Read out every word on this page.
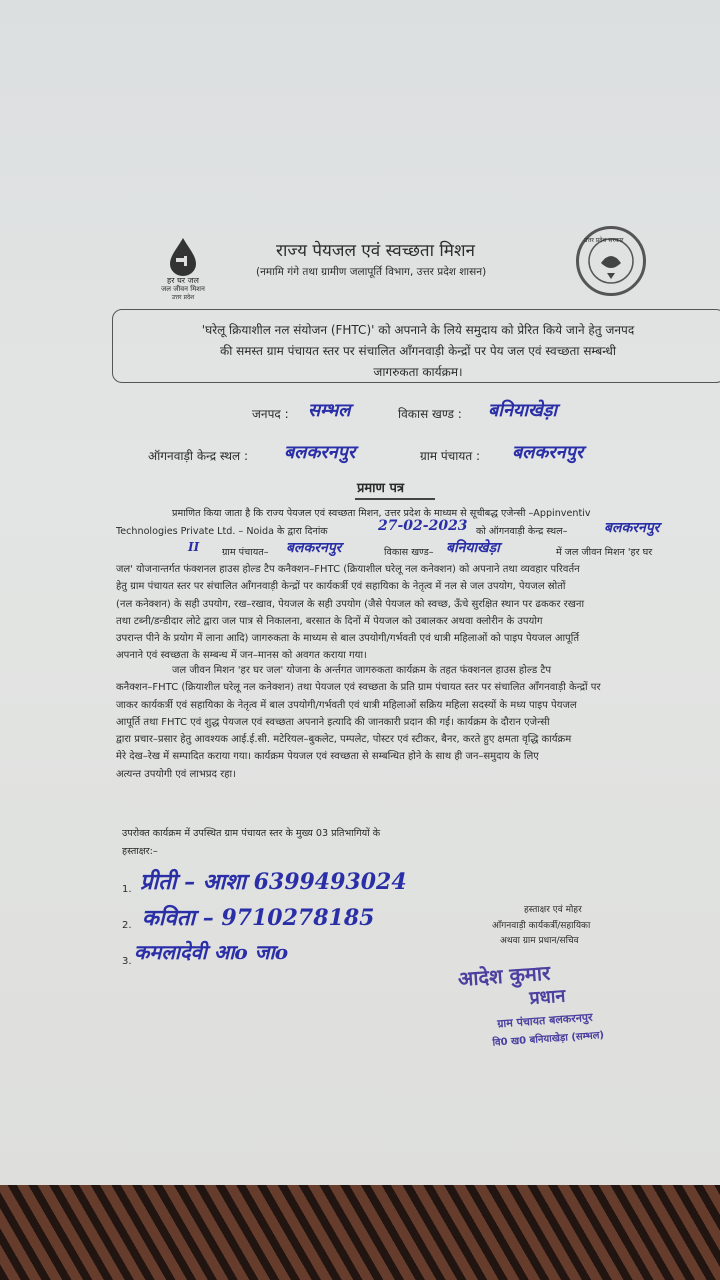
हर घर जल
जल जीवन मिशन
उत्तर प्रदेश
राज्य पेयजल एवं स्वच्छता मिशन
(नमामि गंगे तथा ग्रामीण जलापूर्ति विभाग, उत्तर प्रदेश शासन)
उत्तर प्रदेश सरकार
'घरेलू क्रियाशील नल संयोजन (FHTC)' को अपनाने के लिये समुदाय को प्रेरित किये जाने हेतु जनपद
की समस्त ग्राम पंचायत स्तर पर संचालित आँगनवाड़ी केन्द्रों पर पेय जल एवं स्वच्छता सम्बन्धी
जागरुकता कार्यक्रम।
जनपद : सम्भल	विकास खण्ड : बनियाखेड़ा
ऑगनवाड़ी केन्द्र स्थल : बलकरनपुर	ग्राम पंचायत : बलकरनपुर
प्रमाण पत्र
प्रमाणित किया जाता है कि राज्य पेयजल एवं स्वच्छता मिशन, उत्तर प्रदेश के माध्यम से सूचीबद्ध एजेन्सी –Appinventiv
Technologies Private Ltd. – Noida के द्वारा दिनांक	27-02-2023 को ऑगनवाड़ी केन्द्र स्थल–	बलकरनपुर
II ग्राम पंचायत– बलकरनपुर	विकास खण्ड– बनियाखेड़ा	में जल जीवन मिशन 'हर घर
जल' योजनान्तर्गत फंक्शनल हाउस होल्ड टैप कनैक्शन–FHTC (क्रियाशील घरेलू नल कनेक्शन) को अपनाने तथा व्यवहार परिवर्तन
हेतु ग्राम पंचायत स्तर पर संचालित आँगनवाड़ी केन्द्रों पर कार्यकर्त्री एवं सहायिका के नेतृत्व में नल से जल उपयोग, पेयजल स्रोतों
(नल कनेक्शन) के सही उपयोग, रख–रखाव, पेयजल के सही उपयोग (जैसे पेयजल को स्वच्छ, ऊँचे सुरक्षित स्थान पर ढककर रखना
तथा टब्नी/डन्डीदार लोटे द्वारा जल पात्र से निकालना, बरसात के दिनों में पेयजल को उबालकर अथवा क्लोरीन के उपयोग
उपरान्त पीने के प्रयोग में लाना आदि) जागरुकता के माध्यम से बाल उपयोगी/गर्भवती एवं धात्री महिलाओं को पाइप पेयजल आपूर्ति
अपनाने एवं स्वच्छता के सम्बन्ध में जन–मानस को अवगत कराया गया।
जल जीवन मिशन 'हर घर जल' योजना के अर्न्तगत जागरुकता कार्यक्रम के तहत फंक्शनल हाउस होल्ड टैप
कनैक्शन–FHTC (क्रियाशील घरेलू नल कनेक्शन) तथा पेयजल एवं स्वच्छता के प्रति ग्राम पंचायत स्तर पर संचालित आँगनवाड़ी केन्द्रों पर
जाकर कार्यकर्त्री एवं सहायिका के नेतृत्व में बाल उपयोगी/गर्भवती एवं धात्री महिलाओं सक्रिय महिला सदस्यों के मध्य पाइप पेयजल
आपूर्ति तथा FHTC एवं शुद्ध पेयजल एवं स्वच्छता अपनाने इत्यादि की जानकारी प्रदान की गई। कार्यक्रम के दौरान एजेन्सी
द्वारा प्रचार–प्रसार हेतु आवश्यक आई.ई.सी. मटेरियल–बुकलेट, पम्पलेट, पोस्टर एवं स्टीकर, बैनर, करते हुए क्षमता वृद्धि कार्यक्रम
मेरे देख–रेख में सम्पादित कराया गया। कार्यक्रम पेयजल एवं स्वच्छता से सम्बन्धित होने के साथ ही जन–समुदाय के लिए
अत्यन्त उपयोगी एवं लाभप्रद रहा।
उपरोक्त कार्यक्रम में उपस्थित ग्राम पंचायत स्तर के मुख्य 03 प्रतिभागियों के
हस्ताक्षर:–
1. प्रीती – आशा 6399493024
2. कविता – 9710278185
3. कमलादेवी आo जाo
हस्ताक्षर एवं मोहर
आँगनवाड़ी कार्यकर्त्री/सहायिका
अथवा ग्राम प्रधान/सचिव
आदेश कुमार
प्रधान
ग्राम पंचायत बलकरनपुर
वि0 ख0 बनियाखेड़ा (सम्भल)
